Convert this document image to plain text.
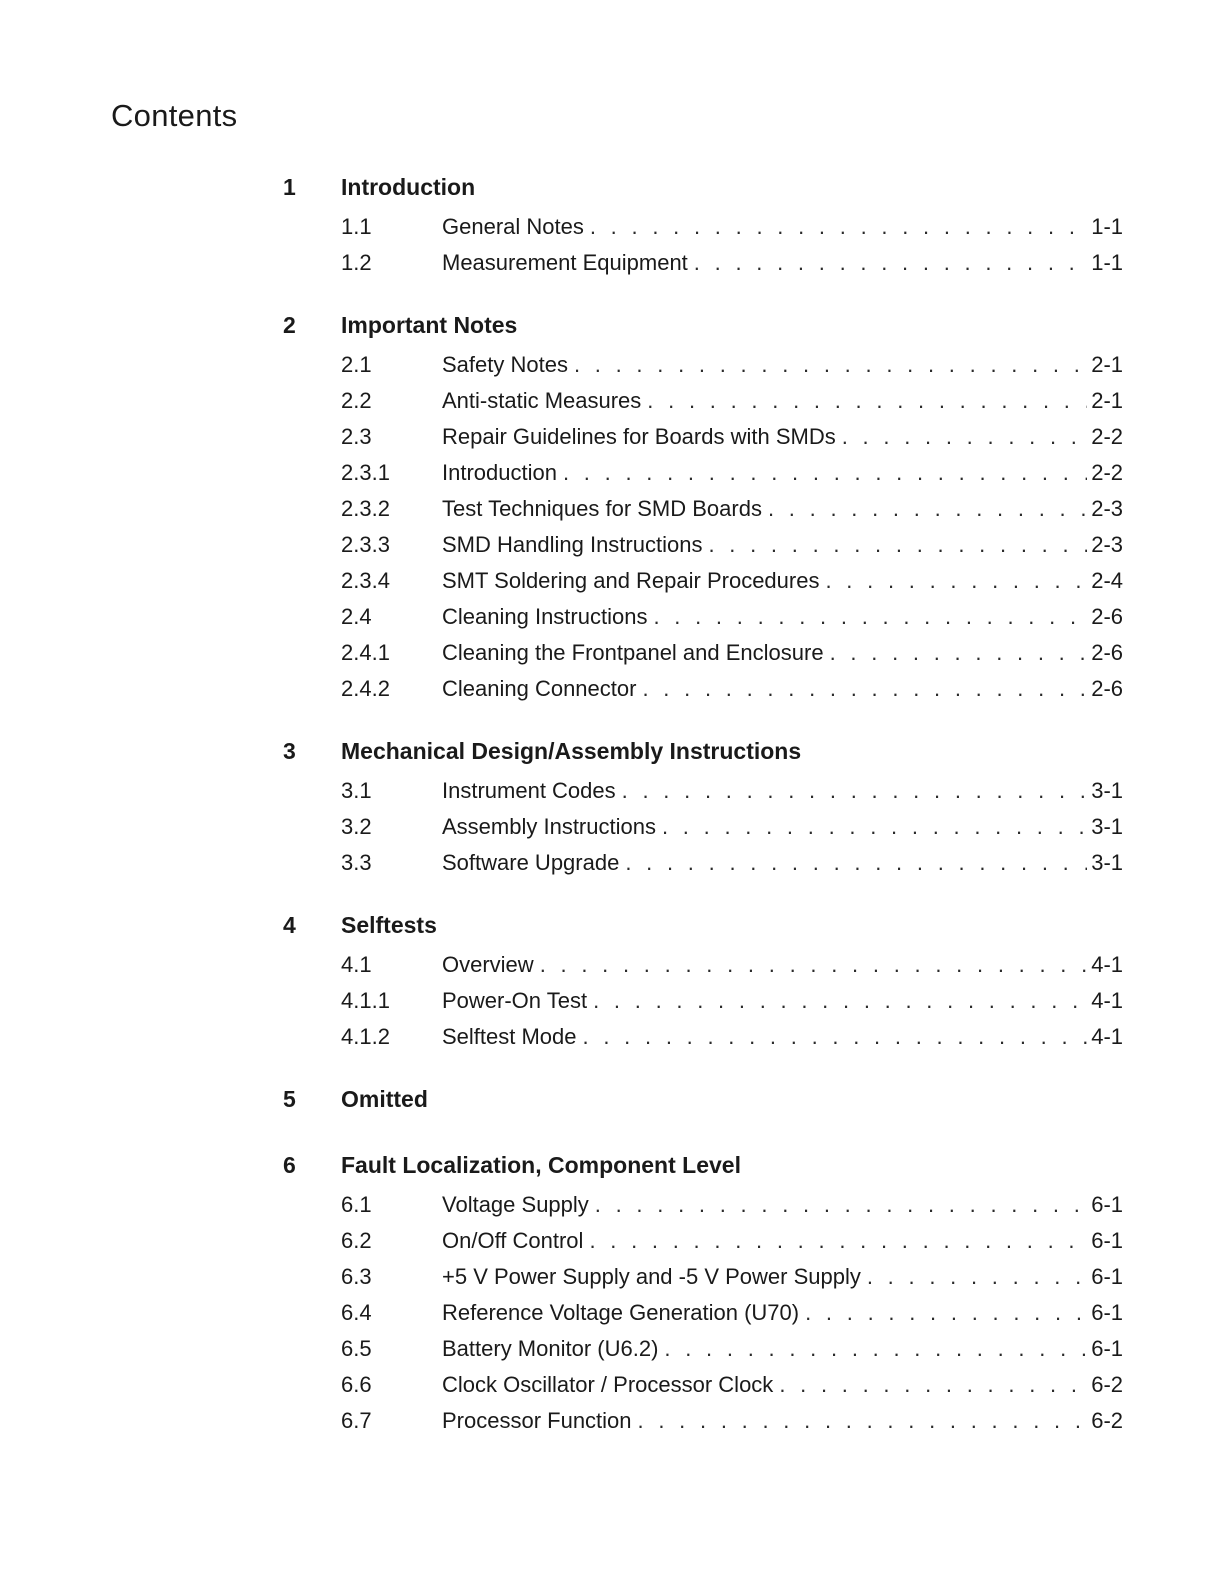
Contents
1	Introduction
1.1	General Notes . . .	1-1
1.2	Measurement Equipment . . .	1-1
2	Important Notes
2.1	Safety Notes . . .	2-1
2.2	Anti-static Measures . . .	2-1
2.3	Repair Guidelines for Boards with SMDs . . .	2-2
2.3.1	Introduction . . .	2-2
2.3.2	Test Techniques for SMD Boards . . .	2-3
2.3.3	SMD Handling Instructions . . .	2-3
2.3.4	SMT Soldering and Repair Procedures . . .	2-4
2.4	Cleaning Instructions . . .	2-6
2.4.1	Cleaning the Frontpanel and Enclosure . . .	2-6
2.4.2	Cleaning Connector . . .	2-6
3	Mechanical Design/Assembly Instructions
3.1	Instrument Codes . . .	3-1
3.2	Assembly Instructions . . .	3-1
3.3	Software Upgrade . . .	3-1
4	Selftests
4.1	Overview . . .	4-1
4.1.1	Power-On Test . . .	4-1
4.1.2	Selftest Mode . . .	4-1
5	Omitted
6	Fault Localization, Component Level
6.1	Voltage Supply . . .	6-1
6.2	On/Off Control . . .	6-1
6.3	+5 V Power Supply and -5 V Power Supply . . .	6-1
6.4	Reference Voltage Generation (U70) . . .	6-1
6.5	Battery Monitor (U6.2) . . .	6-1
6.6	Clock Oscillator / Processor Clock . . .	6-2
6.7	Processor Function . . .	6-2
